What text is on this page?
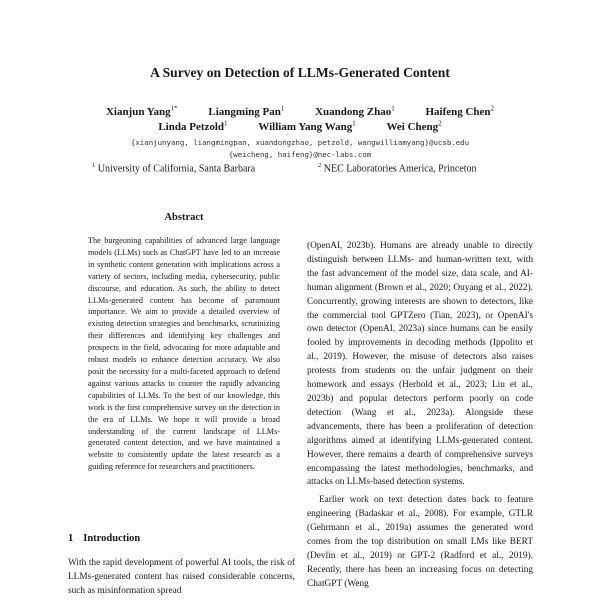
A Survey on Detection of LLMs-Generated Content
Xianjun Yang$^{1*}$	Liangming Pan$^1$	Xuandong Zhao$^1$	Haifeng Chen$^2$
Linda Petzold$^1$	William Yang Wang$^1$	Wei Cheng$^2$
{xianjunyang, liangmingpan, xuandongzhao, petzold, wangwilliamyang}@ucsb.edu
{weicheng, haifeng}@nec-labs.com
$^1$ University of California, Santa Barbara	$^2$ NEC Laboratories America, Princeton
Abstract
The burgeoning capabilities of advanced large language models (LLMs) such as ChatGPT have led to an increase in synthetic content generation with implications across a variety of sectors, including media, cybersecurity, public discourse, and education. As such, the ability to detect LLMs-generated content has become of paramount importance. We aim to provide a detailed overview of existing detection strategies and benchmarks, scrutinizing their differences and identifying key challenges and prospects in the field, advocating for more adaptable and robust models to enhance detection accuracy. We also posit the necessity for a multi-faceted approach to defend against various attacks to counter the rapidly advancing capabilities of LLMs. To the best of our knowledge, this work is the first comprehensive survey on the detection in the era of LLMs. We hope it will provide a broad understanding of the current landscape of LLMs-generated content detection, and we have maintained a website to consistently update the latest research as a guiding reference for researchers and practitioners.
1 Introduction
With the rapid development of powerful AI tools, the risk of LLMs-generated content has raised considerable concerns, such as misinformation spread

(OpenAI, 2023b). Humans are already unable to directly distinguish between LLMs- and human-written text, with the fast advancement of the model size, data scale, and AI-human alignment (Brown et al., 2020; Ouyang et al., 2022). Concurrently, growing interests are shown to detectors, like the commercial tool GPTZero (Tian, 2023), or OpenAI's own detector (OpenAI, 2023a) since humans can be easily fooled by improvements in decoding methods (Ippolito et al., 2019). However, the misuse of detectors also raises protests from students on the unfair judgment on their homework and essays (Herbold et al., 2023; Liu et al., 2023b) and popular detectors perform poorly on code detection (Wang et al., 2023a). Alongside these advancements, there has been a proliferation of detection algorithms aimed at identifying LLMs-generated content. However, there remains a dearth of comprehensive surveys encompassing the latest methodologies, benchmarks, and attacks on LLMs-based detection systems.

Earlier work on text detection dates back to feature engineering (Badaskar et al., 2008). For example, GTLR (Gehrmann et al., 2019a) assumes the generated word comes from the top distribution on small LMs like BERT (Devlin et al., 2019) or GPT-2 (Radford et al., 2019). Recently, there has been an increasing focus on detecting ChatGPT (Weng
